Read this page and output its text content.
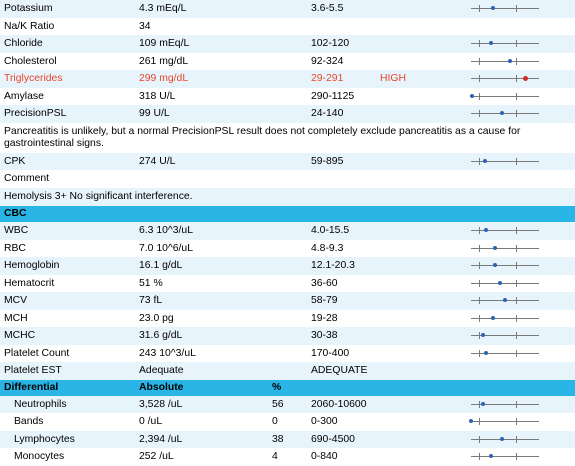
Potassium	4.3 mEq/L	3.6-5.5
Na/K Ratio	34
Chloride	109 mEq/L	102-120
Cholesterol	261 mg/dL	92-324
Triglycerides	299 mg/dL	29-291	HIGH
Amylase	318 U/L	290-1125
PrecisionPSL	99 U/L	24-140
Pancreatitis is unlikely, but a normal PrecisionPSL result does not completely exclude pancreatitis as a cause for gastrointestinal signs.
CPK	274 U/L	59-895
Comment
Hemolysis 3+ No significant interference.
CBC
WBC	6.3 10^3/uL	4.0-15.5
RBC	7.0 10^6/uL	4.8-9.3
Hemoglobin	16.1 g/dL	12.1-20.3
Hematocrit	51 %	36-60
MCV	73 fL	58-79
MCH	23.0 pg	19-28
MCHC	31.6 g/dL	30-38
Platelet Count	243 10^3/uL	170-400
Platelet EST	Adequate	ADEQUATE
Differential	Absolute	%
Neutrophils	3,528 /uL	56	2060-10600
Bands	0 /uL	0	0-300
Lymphocytes	2,394 /uL	38	690-4500
Monocytes	252 /uL	4	0-840
